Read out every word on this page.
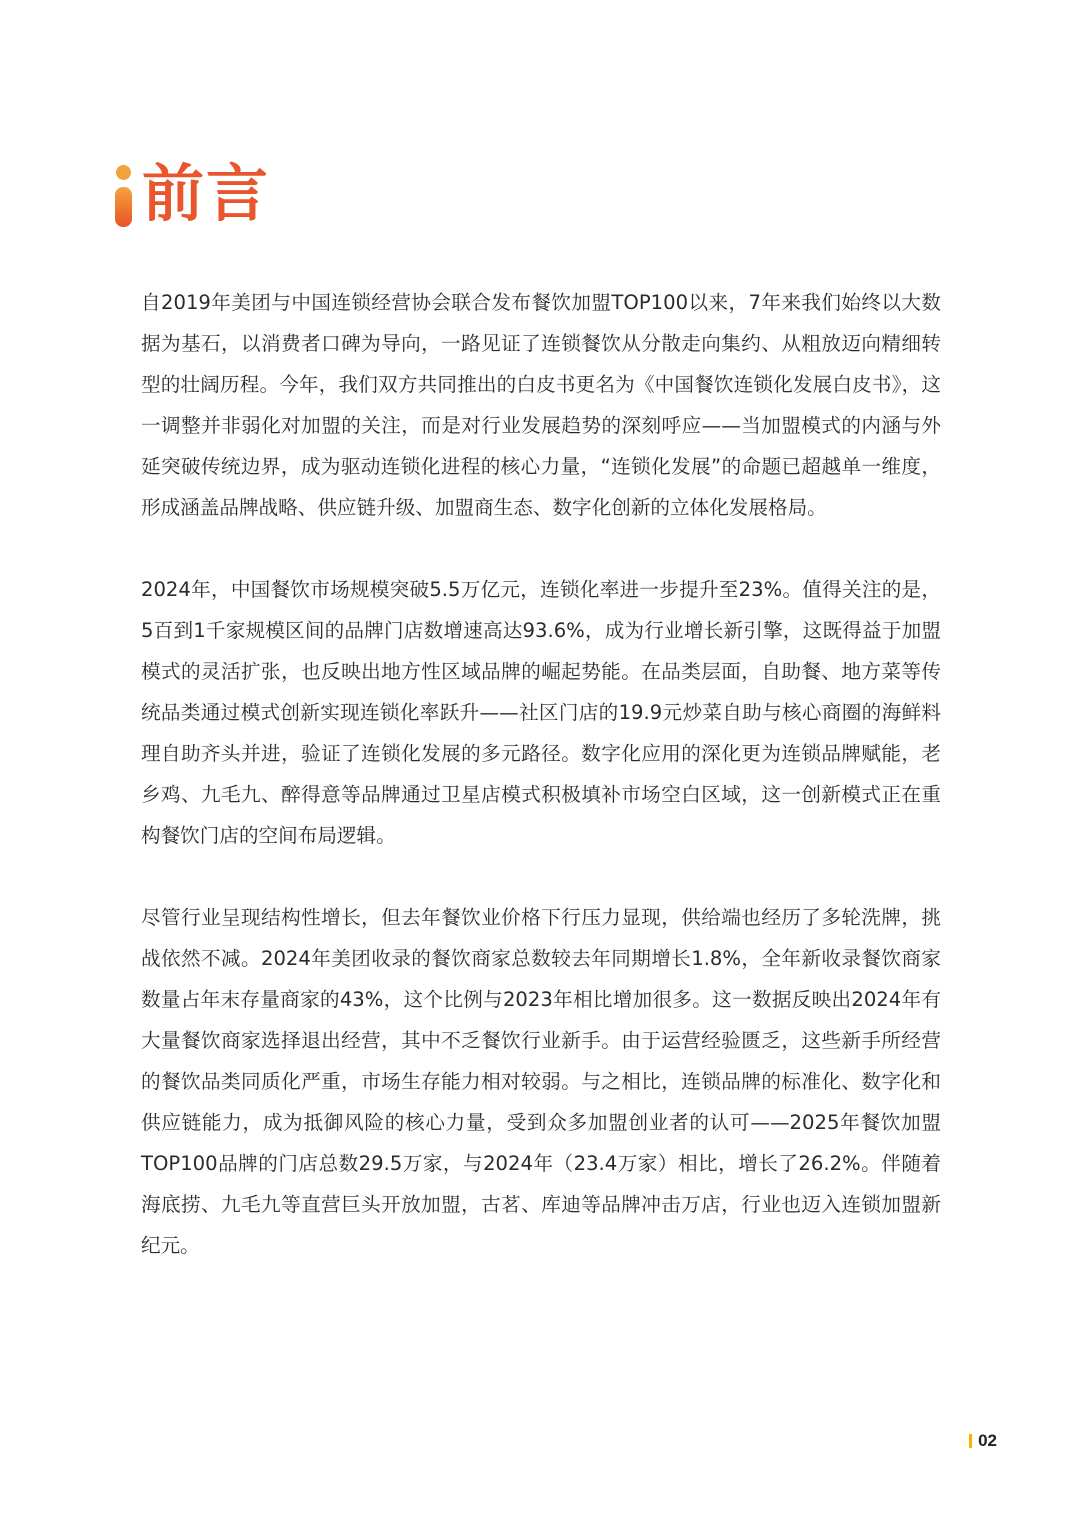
前言

自2019年美团与中国连锁经营协会联合发布餐饮加盟TOP100以来，7年来我们始终以大数据为基石，以消费者口碑为导向，一路见证了连锁餐饮从分散走向集约、从粗放迈向精细转型的壮阔历程。今年，我们双方共同推出的白皮书更名为《中国餐饮连锁化发展白皮书》，这一调整并非弱化对加盟的关注，而是对行业发展趋势的深刻呼应——当加盟模式的内涵与外延突破传统边界，成为驱动连锁化进程的核心力量，“连锁化发展”的命题已超越单一维度，形成涵盖品牌战略、供应链升级、加盟商生态、数字化创新的立体化发展格局。

2024年，中国餐饮市场规模突破5.5万亿元，连锁化率进一步提升至23%。值得关注的是，5百到1千家规模区间的品牌门店数增速高达93.6%，成为行业增长新引擎，这既得益于加盟模式的灵活扩张，也反映出地方性区域品牌的崛起势能。在品类层面，自助餐、地方菜等传统品类通过模式创新实现连锁化率跃升——社区门店的19.9元炒菜自助与核心商圈的海鲜料理自助齐头并进，验证了连锁化发展的多元路径。数字化应用的深化更为连锁品牌赋能，老乡鸡、九毛九、醉得意等品牌通过卫星店模式积极填补市场空白区域，这一创新模式正在重构餐饮门店的空间布局逻辑。

尽管行业呈现结构性增长，但去年餐饮业价格下行压力显现，供给端也经历了多轮洗牌，挑战依然不减。2024年美团收录的餐饮商家总数较去年同期增长1.8%，全年新收录餐饮商家数量占年末存量商家的43%，这个比例与2023年相比增加很多。这一数据反映出2024年有大量餐饮商家选择退出经营，其中不乏餐饮行业新手。由于运营经验匮乏，这些新手所经营的餐饮品类同质化严重，市场生存能力相对较弱。与之相比，连锁品牌的标准化、数字化和供应链能力，成为抵御风险的核心力量，受到众多加盟创业者的认可——2025年餐饮加盟TOP100品牌的门店总数29.5万家，与2024年（23.4万家）相比，增长了26.2%。伴随着海底捞、九毛九等直营巨头开放加盟，古茗、库迪等品牌冲击万店，行业也迈入连锁加盟新纪元。

02
